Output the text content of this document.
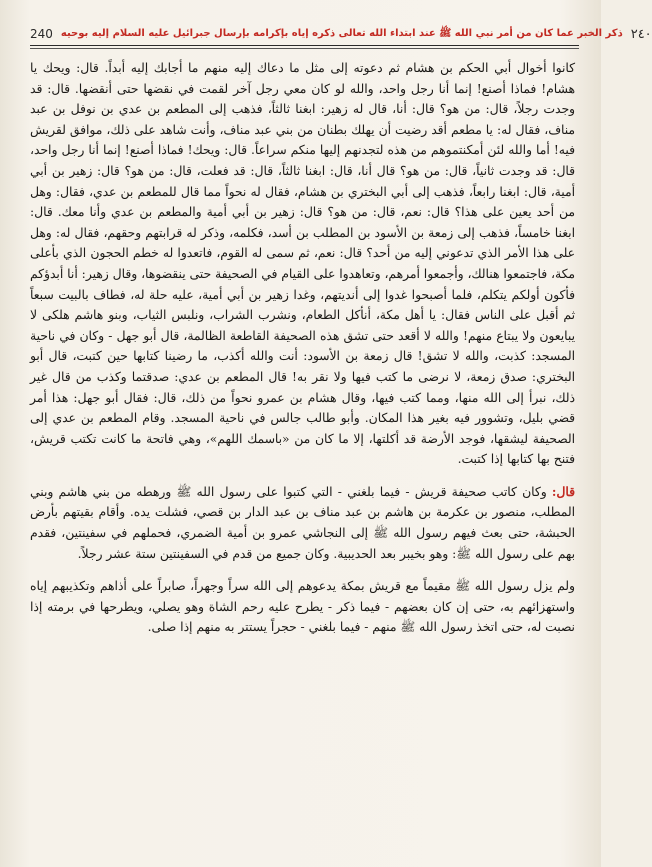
240 ذكر الخبر عما كان من أمر نبي الله ﷺ عند ابتداء الله تعالى ذكره إياه بإكرامه بإرسال جبرائيل عليه السلام إليه بوحيه ٢٤٠

كانوا أخوال أبي الحكم بن هشام ثم دعوته إلى مثل ما دعاك إليه منهم ما أجابك إليه أبداً. قال: ويحك يا هشام! فماذا أصنع! إنما أنا رجل واحد، والله لو كان معي رجل آخر لقمت في نقضها حتى أنقضها. قال: قد وجدت رجلاً، قال: من هو؟ قال: أنا، قال له زهير: ابغنا ثالثاً، فذهب إلى المطعم بن عدي بن نوفل بن عبد مناف، فقال له: يا مطعم أقد رضيت أن يهلك بطنان من بني عبد مناف، وأنت شاهد على ذلك، موافق لقريش فيه! أما والله لئن أمكنتموهم من هذه لتجدنهم إليها منكم سراعاً. قال: ويحك! فماذا أصنع! إنما أنا رجل واحد، قال: قد وجدت ثانياً، قال: من هو؟ قال أنا، قال: ابغنا ثالثاً، قال: قد فعلت، قال: من هو؟ قال: زهير بن أبي أمية، قال: ابغنا رابعاً، فذهب إلى أبي البختري بن هشام، فقال له نحواً مما قال للمطعم بن عدي، فقال: وهل من أحد يعين على هذا؟ قال: نعم، قال: من هو؟ قال: زهير بن أبي أمية والمطعم بن عدي وأنا معك. قال: ابغنا خامساً، فذهب إلى زمعة بن الأسود بن المطلب بن أسد، فكلمه، وذكر له قرابتهم وحقهم، فقال له: وهل على هذا الأمر الذي تدعوني إليه من أحد؟ قال: نعم، ثم سمى له القوم، فاتعدوا له خطم الحجون الذي بأعلى مكة، فاجتمعوا هنالك، وأجمعوا أمرهم، وتعاهدوا على القيام في الصحيفة حتى ينقضوها، وقال زهير: أنا أبدؤكم فأكون أولكم يتكلم، فلما أصبحوا غدوا إلى أنديتهم، وغدا زهير بن أبي أمية، عليه حلة له، فطاف بالبيت سبعاً ثم أقبل على الناس فقال: يا أهل مكة، أنأكل الطعام، ونشرب الشراب، ونلبس الثياب، وبنو هاشم هلكى لا يبايعون ولا يبتاع منهم! والله لا أقعد حتى تشق هذه الصحيفة القاطعة الظالمة، قال أبو جهل - وكان في ناحية المسجد: كذبت، والله لا تشق! قال زمعة بن الأسود: أنت والله أكذب، ما رضينا كتابها حين كتبت، قال أبو البختري: صدق زمعة، لا نرضى ما كتب فيها ولا نقر به! قال المطعم بن عدي: صدقتما وكذب من قال غير ذلك، نبرأ إلى الله منها، ومما كتب فيها، وقال هشام بن عمرو نحواً من ذلك، قال: فقال أبو جهل: هذا أمر قضي بليل، وتشوور فيه بغير هذا المكان. وأبو طالب جالس في ناحية المسجد. وقام المطعم بن عدي إلى الصحيفة ليشقها، فوجد الأرضة قد أكلتها، إلا ما كان من «باسمك اللهم»، وهي فاتحة ما كانت تكتب قريش، فتنح بها كتابها إذا كتبت.

قال: وكان كاتب صحيفة قريش - فيما بلغني - التي كتبوا على رسول الله ﷺ ورهطه من بني هاشم وبني المطلب، منصور بن عكرمة بن هاشم بن عبد مناف بن عبد الدار بن قصي، فشلت يده. وأقام بقيتهم بأرض الحبشة، حتى بعث فيهم رسول الله ﷺ إلى النجاشي عمرو بن أمية الضمري، فحملهم في سفينتين، فقدم بهم على رسول الله ﷺ: وهو بخيبر بعد الحديبية. وكان جميع من قدم في السفينتين ستة عشر رجلاً.

ولم يزل رسول الله ﷺ مقيماً مع قريش بمكة يدعوهم إلى الله سراً وجهراً، صابراً على أذاهم وتكذيبهم إياه واستهزائهم به، حتى إن كان بعضهم - فيما ذكر - يطرح عليه رحم الشاة وهو يصلي، ويطرحها في برمته إذا نصبت له، حتى اتخذ رسول الله ﷺ منهم - فيما بلغني - حجراً يستتر به منهم إذا صلى.
